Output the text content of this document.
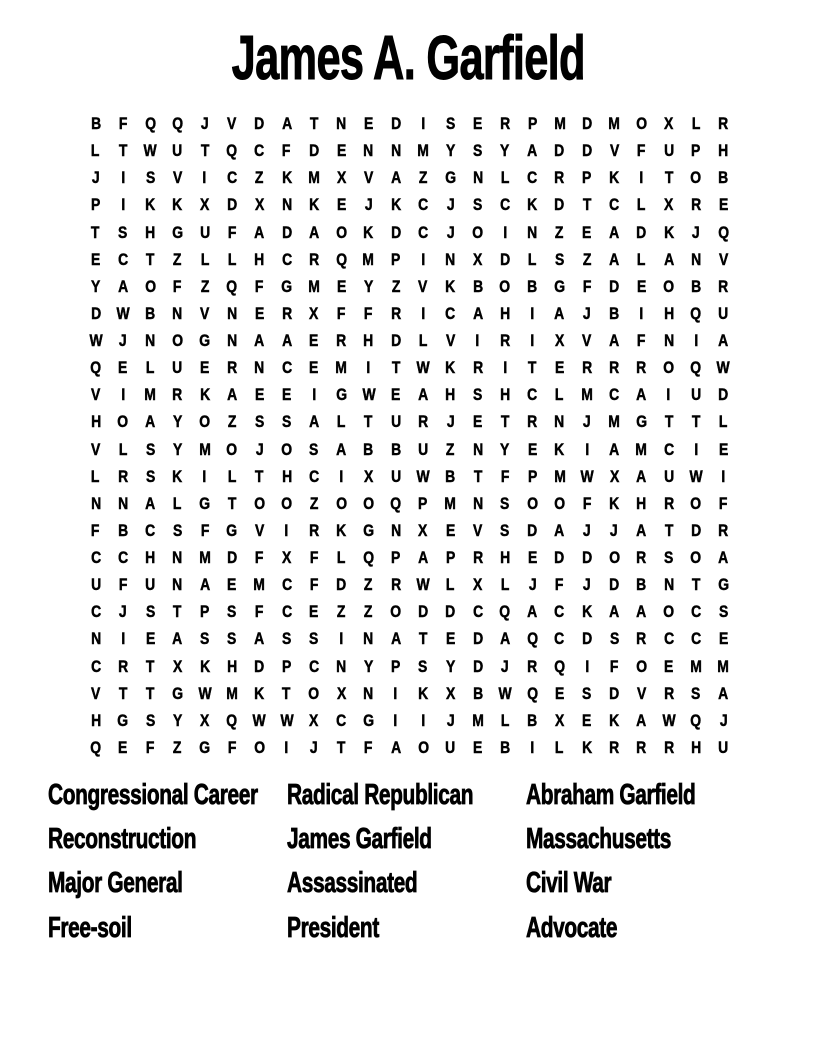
James A. Garfield
B F Q Q J V D A T N E D I S E R P M D M O X L R
L T W U T Q C F D E N N M Y S Y A D D V F U P H
J I S V I C Z K M X V A Z G N L C R P K I T O B
P I K K X D X N K E J K C J S C K D T C L X R E
T S H G U F A D A O K D C J O I N Z E A D K J Q
E C T Z L L H C R Q M P I N X D L S Z A L A N V
Y A O F Z Q F G M E Y Z V K B O B G F D E O B R
D W B N V N E R X F F R I C A H I A J B I H Q U
W J N O G N A A E R H D L V I R I X V A F N I A
Q E L U E R N C E M I T W K R I T E R R R O Q W
V I M R K A E E I G W E A H S H C L M C A I U D
H O A Y O Z S S A L T U R J E T R N J M G T T L
V L S Y M O J O S A B B U Z N Y E K I A M C I E
L R S K I L T H C I X U W B T F P M W X A U W I
N N A L G T O O Z O O Q P M N S O O F K H R O F
F B C S F G V I R K G N X E V S D A J J A T D R
C C H N M D F X F L Q P A P R H E D D O R S O A
U F U N A E M C F D Z R W L X L J F J D B N T G
C J S T P S F C E Z Z O D D C Q A C K A A O C S
N I E A S S A S S I N A T E D A Q C D S R C C E
C R T X K H D P C N Y P S Y D J R Q I F O E M M
V T T G W M K T O X N I K X B W Q E S D V R S A
H G S Y X Q W W X C G I I J M L B X E K A W Q J
Q E F Z G F O I J T F A O U E B I L K R R R H U
Congressional Career	Radical Republican	Abraham Garfield
Reconstruction	James Garfield	Massachusetts
Major General	Assassinated	Civil War
Free-soil	President	Advocate
